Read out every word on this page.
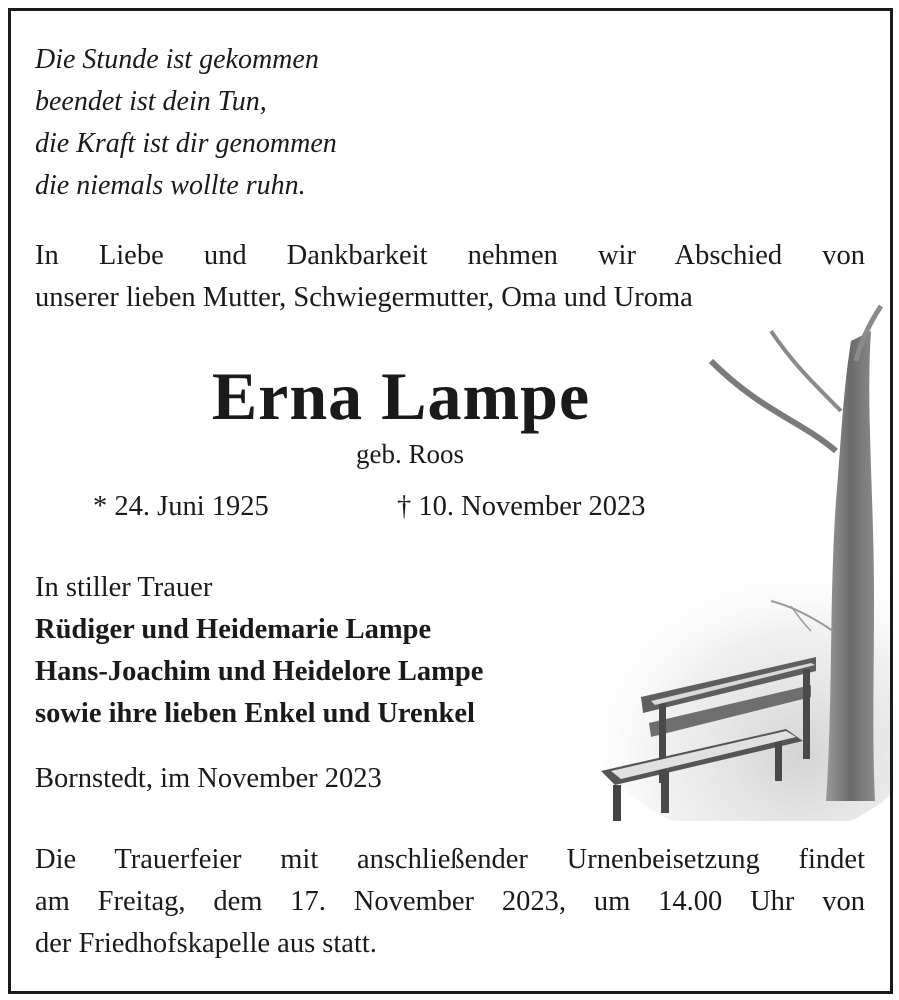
Die Stunde ist gekommen
beendet ist dein Tun,
die Kraft ist dir genommen
die niemals wollte ruhn.
In Liebe und Dankbarkeit nehmen wir Abschied von
unserer lieben Mutter, Schwiegermutter, Oma und Uroma
Erna Lampe
geb. Roos
* 24. Juni 1925	† 10. November 2023
In stiller Trauer
Rüdiger und Heidemarie Lampe
Hans-Joachim und Heidelore Lampe
sowie ihre lieben Enkel und Urenkel
Bornstedt, im November 2023
Die Trauerfeier mit anschließender Urnenbeisetzung findet
am Freitag, dem 17. November 2023, um 14.00 Uhr von
der Friedhofskapelle aus statt.
